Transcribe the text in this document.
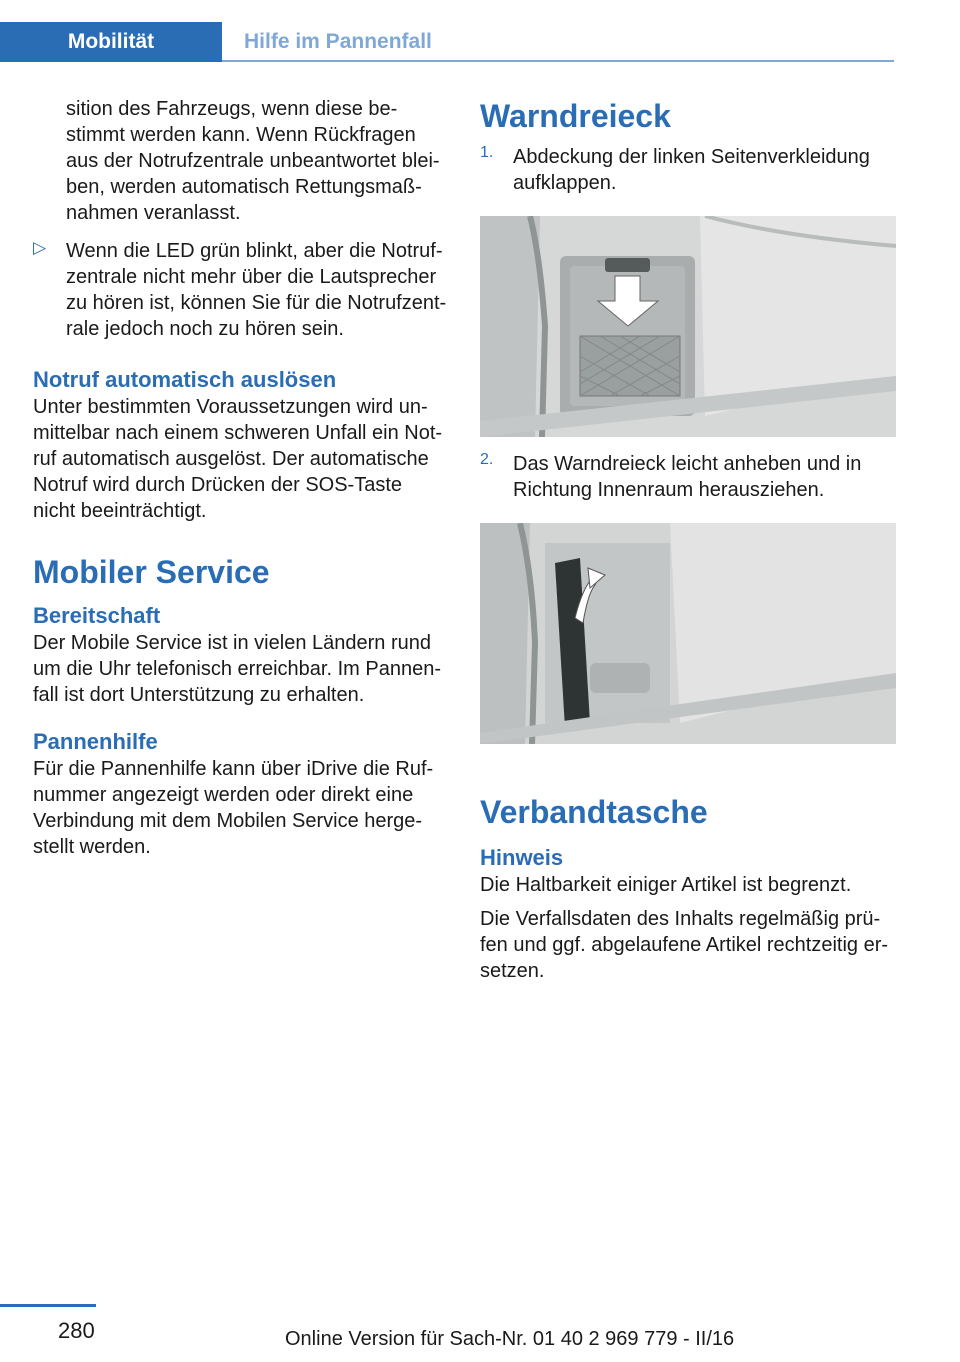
Mobilität	Hilfe im Pannenfall

sition des Fahrzeugs, wenn diese be‐ stimmt werden kann. Wenn Rückfragen aus der Notrufzentrale unbeantwortet blei‐ ben, werden automatisch Rettungsmaß‐ nahmen veranlasst.

▷ Wenn die LED grün blinkt, aber die Notruf‐ zentrale nicht mehr über die Lautsprecher zu hören ist, können Sie für die Notrufzent‐ rale jedoch noch zu hören sein.

Notruf automatisch auslösen

Unter bestimmten Voraussetzungen wird un‐ mittelbar nach einem schweren Unfall ein Not‐ ruf automatisch ausgelöst. Der automatische Notruf wird durch Drücken der SOS-Taste nicht beeinträchtigt.

Mobiler Service
Bereitschaft

Der Mobile Service ist in vielen Ländern rund um die Uhr telefonisch erreichbar. Im Pannen‐ fall ist dort Unterstützung zu erhalten.

Pannenhilfe

Für die Pannenhilfe kann über iDrive die Ruf‐ nummer angezeigt werden oder direkt eine Verbindung mit dem Mobilen Service herge‐ stellt werden.

Warndreieck
1. Abdeckung der linken Seitenverkleidung aufklappen.

2. Das Warndreieck leicht anheben und in Richtung Innenraum herausziehen.

Verbandtasche
Hinweis

Die Haltbarkeit einiger Artikel ist begrenzt.

Die Verfallsdaten des Inhalts regelmäßig prü‐ fen und ggf. abgelaufene Artikel rechtzeitig er‐ setzen.

280	Online Version für Sach-Nr. 01 40 2 969 779 - II/16
